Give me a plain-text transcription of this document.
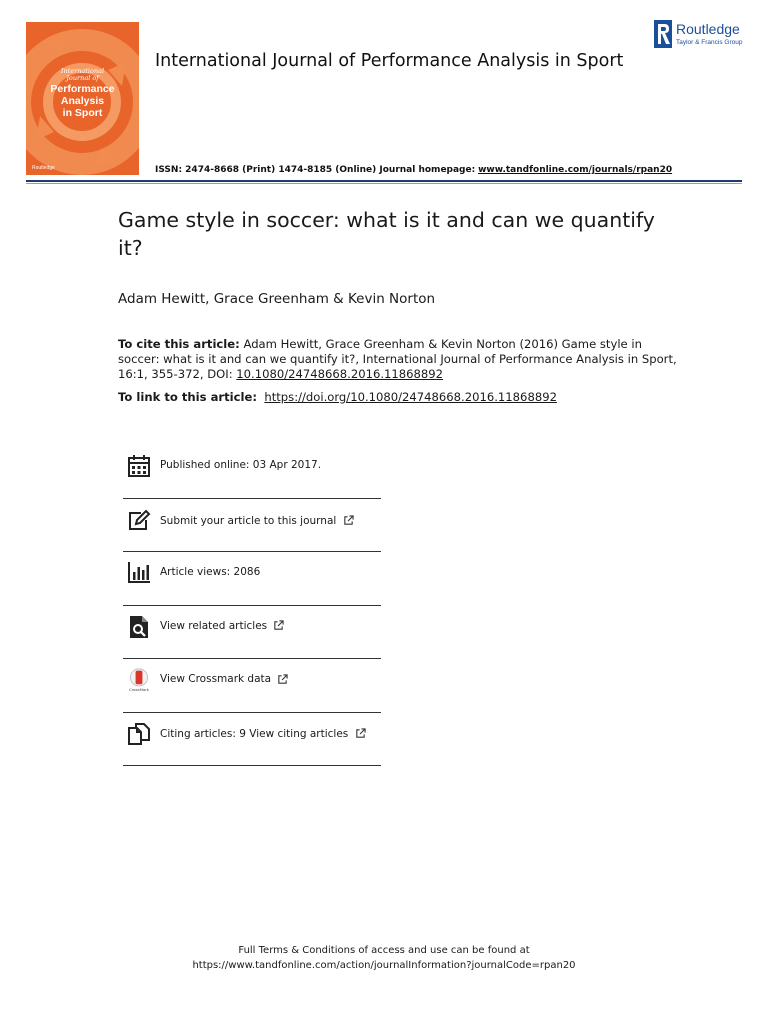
International
Journal of
Performance
Analysis
in Sport
Routledge
International Journal of Performance Analysis in Sport
Routledge
Taylor & Francis Group
ISSN: 2474-8668 (Print) 1474-8185 (Online) Journal homepage: www.tandfonline.com/journals/rpan20
Game style in soccer: what is it and can we quantify it?
Adam Hewitt, Grace Greenham & Kevin Norton
To cite this article: Adam Hewitt, Grace Greenham & Kevin Norton (2016) Game style in soccer: what is it and can we quantify it?, International Journal of Performance Analysis in Sport, 16:1, 355-372, DOI: 10.1080/24748668.2016.11868892
To link to this article: https://doi.org/10.1080/24748668.2016.11868892
Published online: 03 Apr 2017.
Submit your article to this journal
Article views: 2086
View related articles
CrossMark
View Crossmark data
Citing articles: 9 View citing articles
Full Terms & Conditions of access and use can be found at
https://www.tandfonline.com/action/journalInformation?journalCode=rpan20
